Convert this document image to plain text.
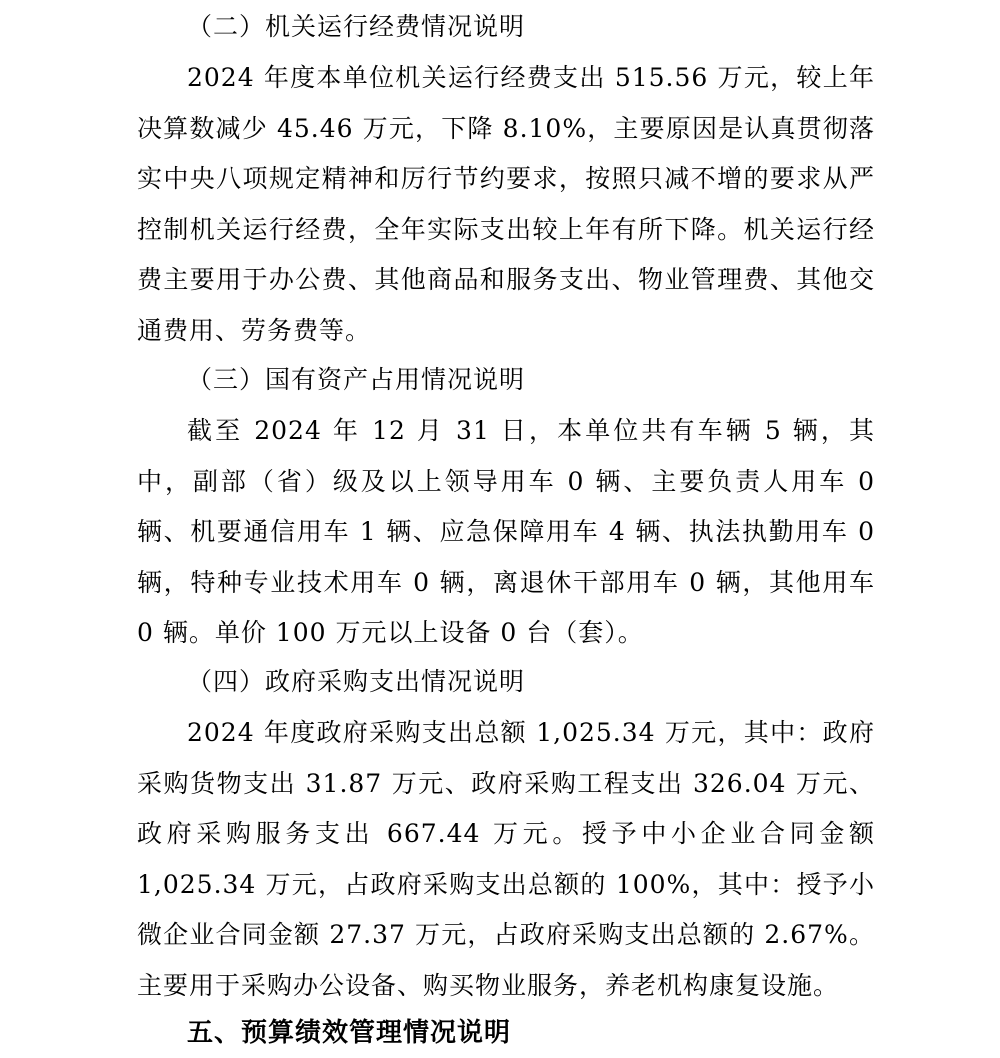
（二）机关运行经费情况说明
2024 年度本单位机关运行经费支出 515.56 万元，较上年决算数减少 45.46 万元，下降 8.10%，主要原因是认真贯彻落实中央八项规定精神和厉行节约要求，按照只减不增的要求从严控制机关运行经费，全年实际支出较上年有所下降。机关运行经费主要用于办公费、其他商品和服务支出、物业管理费、其他交通费用、劳务费等。
（三）国有资产占用情况说明
截至 2024 年 12 月 31 日，本单位共有车辆 5 辆，其中，副部（省）级及以上领导用车 0 辆、主要负责人用车 0 辆、机要通信用车 1 辆、应急保障用车 4 辆、执法执勤用车 0 辆，特种专业技术用车 0 辆，离退休干部用车 0 辆，其他用车 0 辆。单价 100 万元以上设备 0 台（套）。
（四）政府采购支出情况说明
2024 年度政府采购支出总额 1,025.34 万元，其中：政府采购货物支出 31.87 万元、政府采购工程支出 326.04 万元、政府采购服务支出 667.44 万元。授予中小企业合同金额 1,025.34 万元，占政府采购支出总额的 100%，其中：授予小微企业合同金额 27.37 万元，占政府采购支出总额的 2.67%。主要用于采购办公设备、购买物业服务，养老机构康复设施。
五、预算绩效管理情况说明
